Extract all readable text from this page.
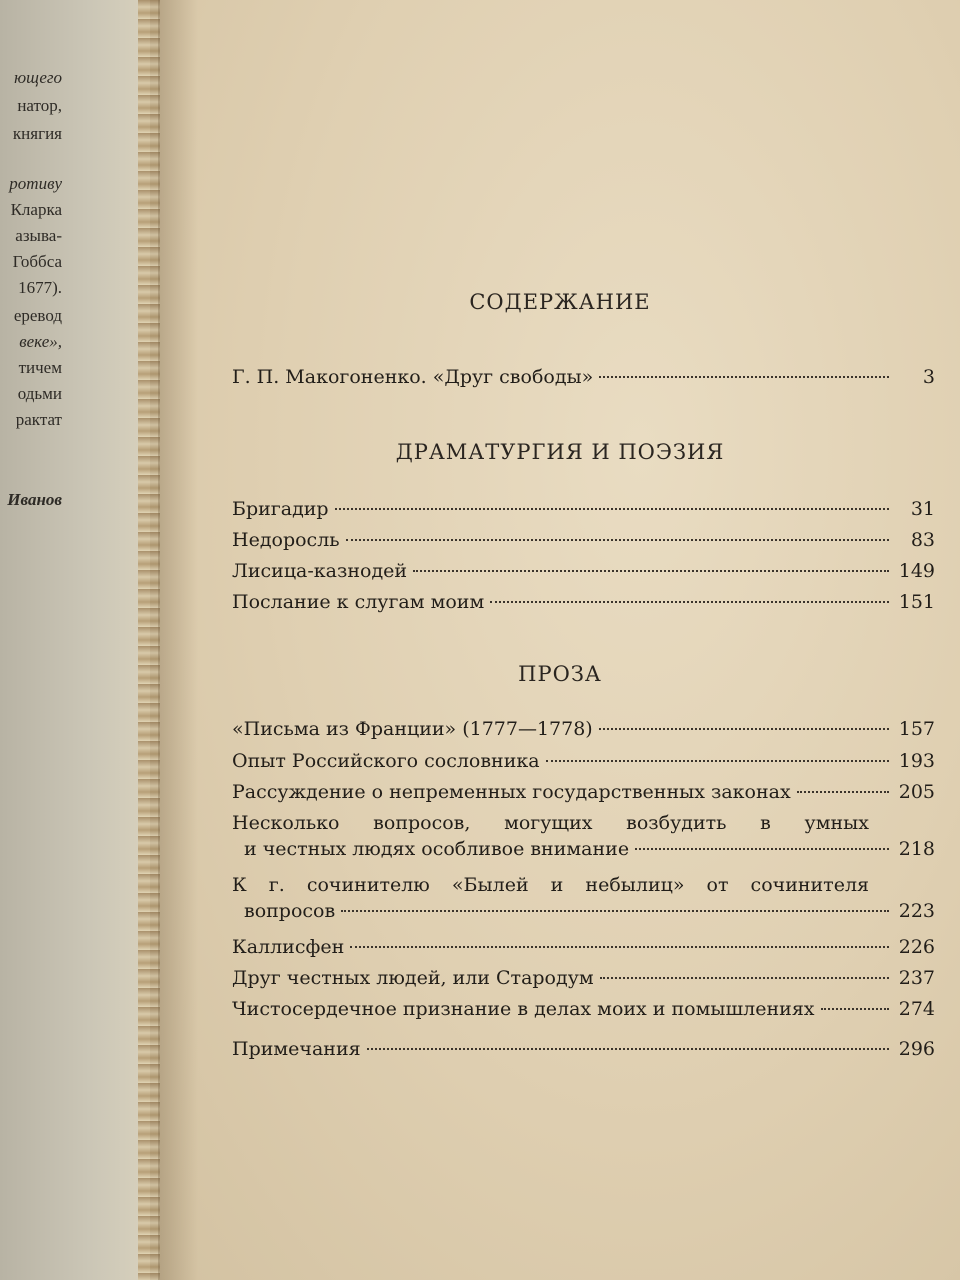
ющего
натор,
княгия
ротиву
Кларка
азыва-
Гоббса
1677).
еревод
веке»,
тичем
одьми
рактат
Иванов
СОДЕРЖАНИЕ
Г. П. Макогоненко. «Друг свободы»	3
ДРАМАТУРГИЯ И ПОЭЗИЯ
Бригадир	31
Недоросль	83
Лисица-казнодей	149
Послание к слугам моим	151
ПРОЗА
«Письма из Франции» (1777—1778)	157
Опыт Российского сословника	193
Рассуждение о непременных государственных законах	205
Несколько вопросов, могущих возбудить в умных
и честных людях особливое внимание	218
К г. сочинителю «Былей и небылиц» от сочинителя
вопросов	223
Каллисфен	226
Друг честных людей, или Стародум	237
Чистосердечное признание в делах моих и помышлениях	274
Примечания	296
